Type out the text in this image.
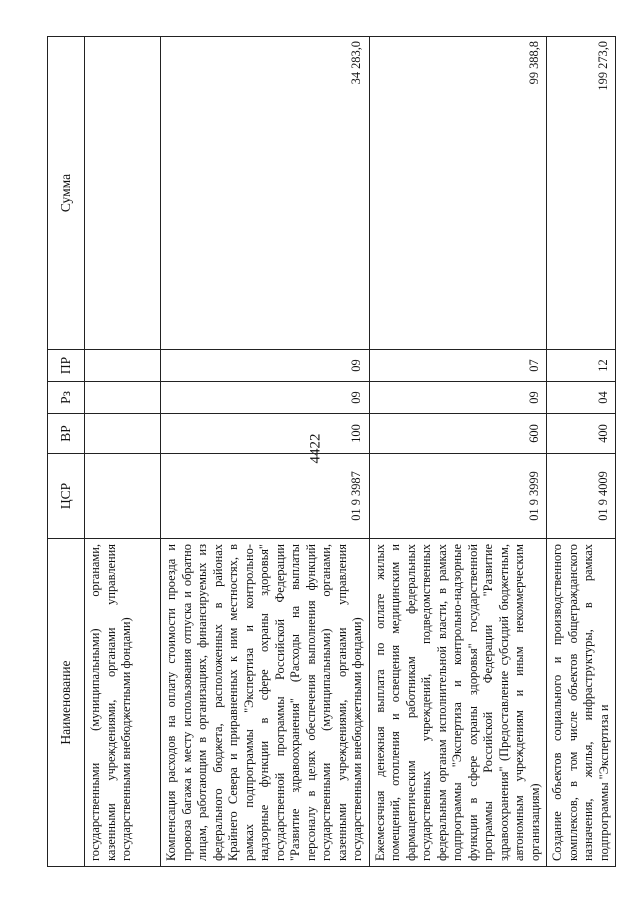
4422
Наименование	ЦСР	ВР	Рз	ПР	Сумма
государственными (муниципальными) органами, казенными учреждениями, органами управления государственными внебюджетными фондами)					
Компенсация расходов на оплату стоимости проезда и провоза багажа к месту использования отпуска и обратно лицам, работающим в организациях, финансируемых из федерального бюджета, расположенных в районах Крайнего Севера и приравненных к ним местностях, в рамках подпрограммы "Экспертиза и контрольно-надзорные функции в сфере охраны здоровья" государственной программы Российской Федерации "Развитие здравоохранения" (Расходы на выплаты персоналу в целях обеспечения выполнения функций государственными (муниципальными) органами, казенными учреждениями, органами управления государственными внебюджетными фондами)	01 9 3987	100	09	09	34 283,0
Ежемесячная денежная выплата по оплате жилых помещений, отопления и освещения медицинским и фармацевтическим работникам федеральных государственных учреждений, подведомственных федеральным органам исполнительной власти, в рамках подпрограммы "Экспертиза и контрольно-надзорные функции в сфере охраны здоровья" государственной программы Российской Федерации "Развитие здравоохранения" (Предоставление субсидий бюджетным, автономным учреждениям и иным некоммерческим организациям)	01 9 3999	600	09	07	99 388,8
Создание объектов социального и производственного комплексов, в том числе объектов общегражданского назначения, жилья, инфраструктуры, в рамках подпрограммы "Экспертиза и	01 9 4009	400	04	12	199 273,0
